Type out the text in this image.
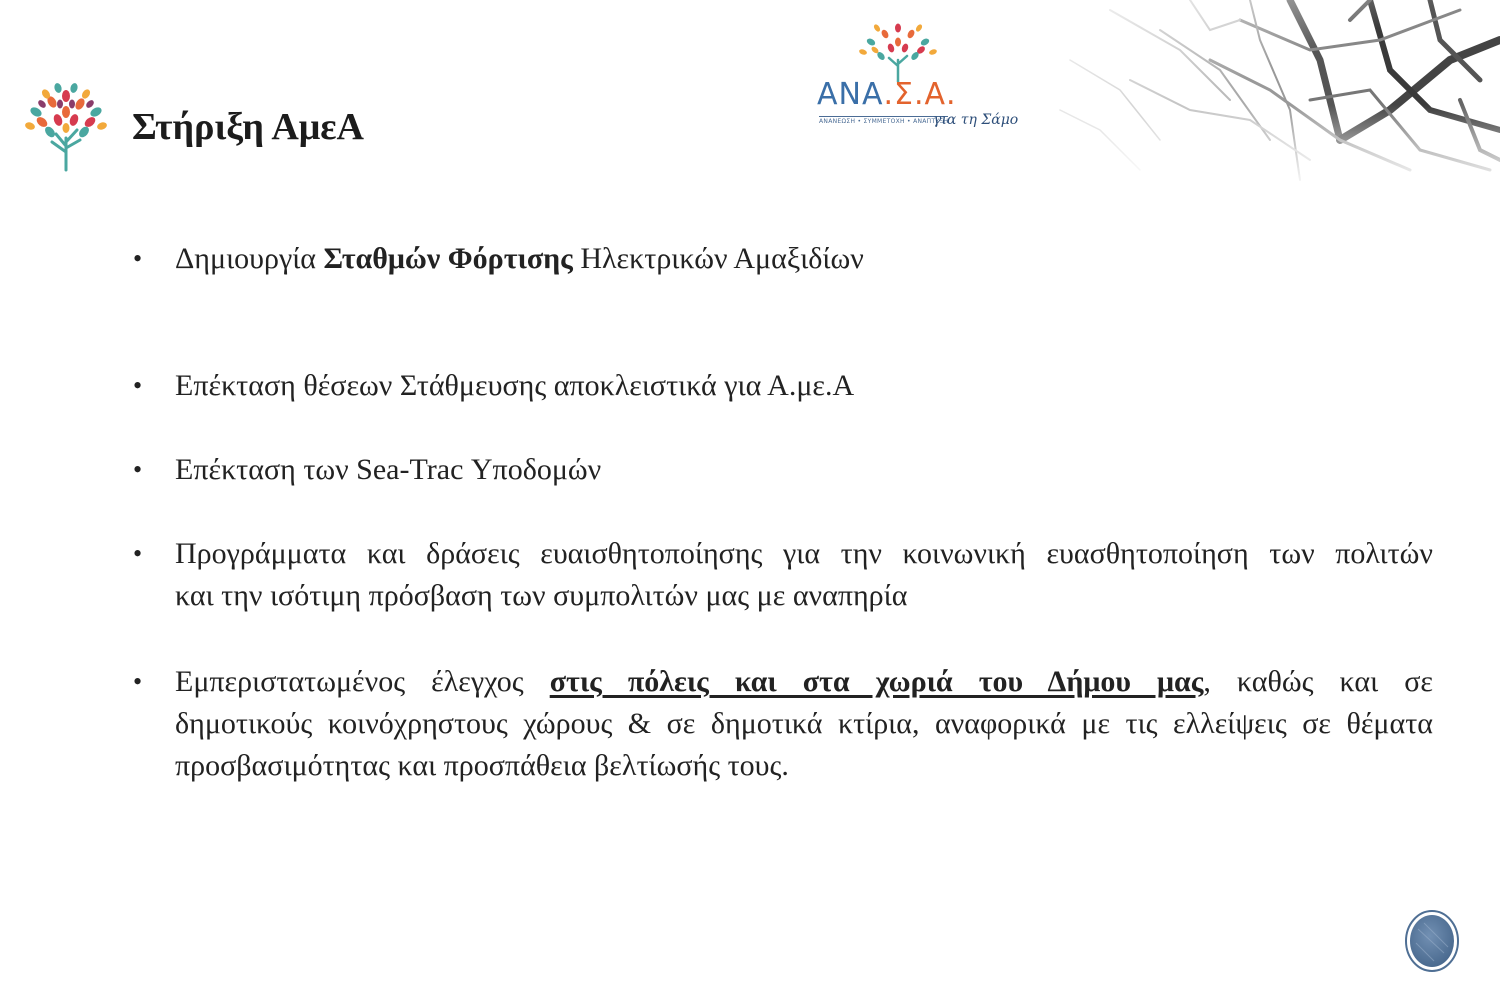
Στήριξη ΑμεΑ
ΑΝΑ.Σ.Α.
ΑΝΑΝΕΩΣΗ • ΣΥΜΜΕΤΟΧΗ • ΑΝΑΠΤΥΞΗ
για τη Σάμο
• Δημιουργία Σταθμών Φόρτισης Ηλεκτρικών Αμαξιδίων

• Επέκταση θέσεων Στάθμευσης αποκλειστικά για Α.με.Α

• Επέκταση των Sea-Trac Υποδομών

• Προγράμματα και δράσεις ευαισθητοποίησης για την κοινωνική ευασθητοποίηση των πολιτών

και την ισότιμη πρόσβαση των συμπολιτών μας με αναπηρία

• Εμπεριστατωμένος έλεγχος στις πόλεις και στα χωριά του Δήμου μας, καθώς και σε

δημοτικούς κοινόχρηστους χώρους & σε δημοτικά κτίρια, αναφορικά με τις ελλείψεις σε θέματα

προσβασιμότητας και προσπάθεια βελτίωσής τους.
